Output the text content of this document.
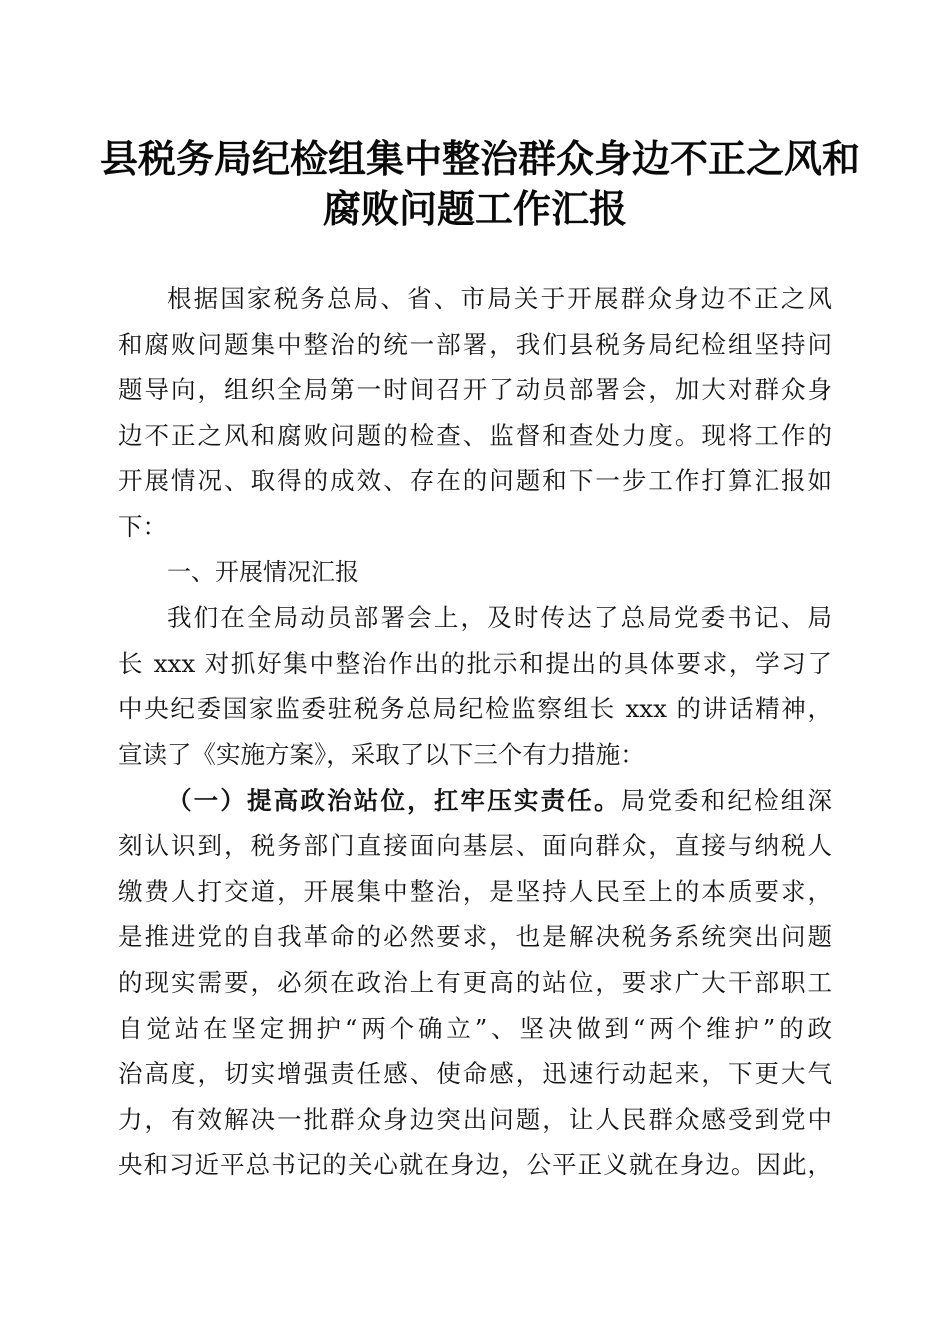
县税务局纪检组集中整治群众身边不正之风和
腐败问题工作汇报
根据国家税务总局、省、市局关于开展群众身边不正之风
和腐败问题集中整治的统一部署，我们县税务局纪检组坚持问
题导向，组织全局第一时间召开了动员部署会，加大对群众身
边不正之风和腐败问题的检查、监督和查处力度。现将工作的
开展情况、取得的成效、存在的问题和下一步工作打算汇报如
下：
一、开展情况汇报
我们在全局动员部署会上，及时传达了总局党委书记、局
长 xxx 对抓好集中整治作出的批示和提出的具体要求，学习了
中央纪委国家监委驻税务总局纪检监察组长 xxx 的讲话精神，
宣读了《实施方案》，采取了以下三个有力措施：
（一）提高政治站位，扛牢压实责任。局党委和纪检组深
刻认识到，税务部门直接面向基层、面向群众，直接与纳税人
缴费人打交道，开展集中整治，是坚持人民至上的本质要求，
是推进党的自我革命的必然要求，也是解决税务系统突出问题
的现实需要，必须在政治上有更高的站位，要求广大干部职工
自觉站在坚定拥护“两个确立”、坚决做到“两个维护”的政
治高度，切实增强责任感、使命感，迅速行动起来，下更大气
力，有效解决一批群众身边突出问题，让人民群众感受到党中
央和习近平总书记的关心就在身边，公平正义就在身边。因此，
